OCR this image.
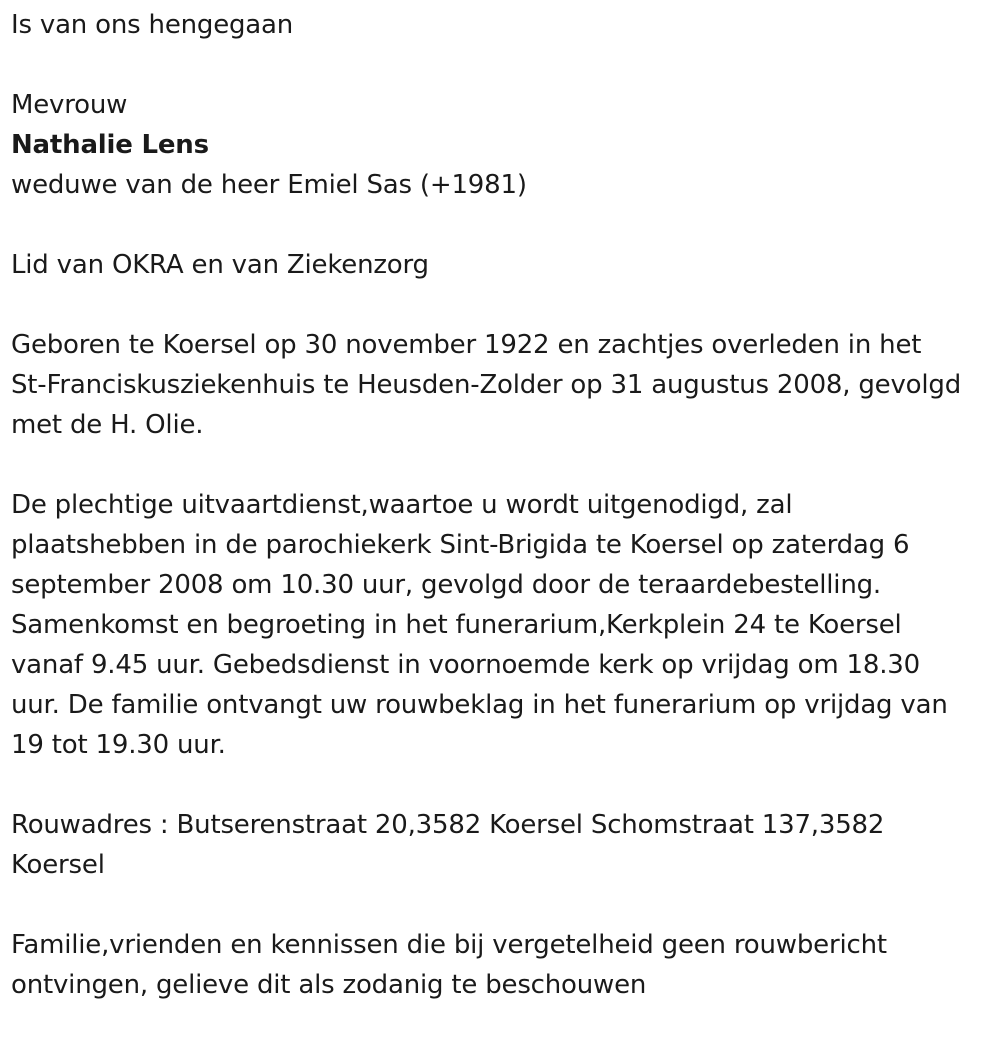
Is van ons hengegaan
Mevrouw
Nathalie Lens
weduwe van de heer Emiel Sas (+1981)
Lid van OKRA en van Ziekenzorg
Geboren te Koersel op 30 november 1922 en zachtjes overleden in het
St-Franciskusziekenhuis te Heusden-Zolder op 31 augustus 2008, gevolgd
met de H. Olie.
De plechtige uitvaartdienst,waartoe u wordt uitgenodigd, zal
plaatshebben in de parochiekerk Sint-Brigida te Koersel op zaterdag 6
september 2008 om 10.30 uur, gevolgd door de teraardebestelling.
Samenkomst en begroeting in het funerarium,Kerkplein 24 te Koersel
vanaf 9.45 uur. Gebedsdienst in voornoemde kerk op vrijdag om 18.30
uur. De familie ontvangt uw rouwbeklag in het funerarium op vrijdag van
19 tot 19.30 uur.
Rouwadres : Butserenstraat 20,3582 Koersel Schomstraat 137,3582
Koersel
Familie,vrienden en kennissen die bij vergetelheid geen rouwbericht
ontvingen, gelieve dit als zodanig te beschouwen
